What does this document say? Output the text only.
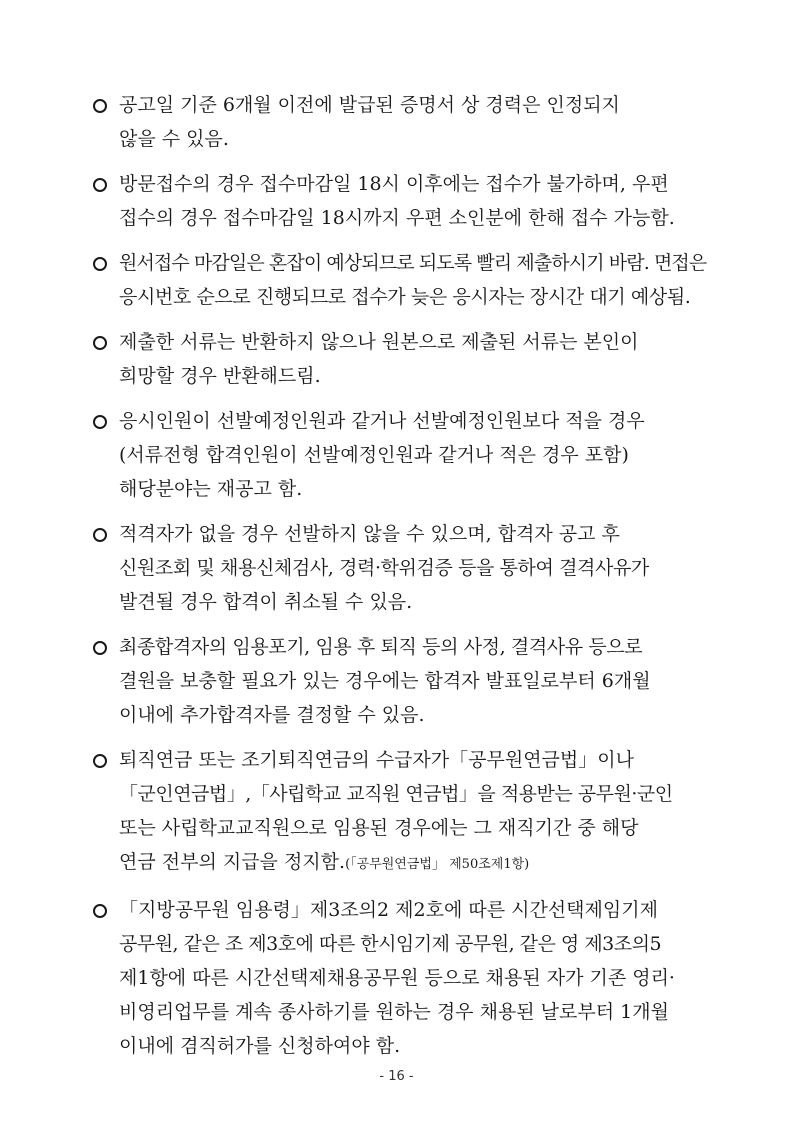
공고일 기준 6개월 이전에 발급된 증명서 상 경력은 인정되지
않을 수 있음.
방문접수의 경우 접수마감일 18시 이후에는 접수가 불가하며, 우편
접수의 경우 접수마감일 18시까지 우편 소인분에 한해 접수 가능함.
원서접수 마감일은 혼잡이 예상되므로 되도록 빨리 제출하시기 바람. 면접은
응시번호 순으로 진행되므로 접수가 늦은 응시자는 장시간 대기 예상됨.
제출한 서류는 반환하지 않으나 원본으로 제출된 서류는 본인이
희망할 경우 반환해드림.
응시인원이 선발예정인원과 같거나 선발예정인원보다 적을 경우
(서류전형 합격인원이 선발예정인원과 같거나 적은 경우 포함)
해당분야는 재공고 함.
적격자가 없을 경우 선발하지 않을 수 있으며, 합격자 공고 후
신원조회 및 채용신체검사, 경력·학위검증 등을 통하여 결격사유가
발견될 경우 합격이 취소될 수 있음.
최종합격자의 임용포기, 임용 후 퇴직 등의 사정, 결격사유 등으로
결원을 보충할 필요가 있는 경우에는 합격자 발표일로부터 6개월
이내에 추가합격자를 결정할 수 있음.
퇴직연금 또는 조기퇴직연금의 수급자가「공무원연금법」이나
「군인연금법」,「사립학교 교직원 연금법」을 적용받는 공무원·군인
또는 사립학교교직원으로 임용된 경우에는 그 재직기간 중 해당
연금 전부의 지급을 정지함.(「공무원연금법」 제50조제1항)
「지방공무원 임용령」제3조의2 제2호에 따른 시간선택제임기제
공무원, 같은 조 제3호에 따른 한시임기제 공무원, 같은 영 제3조의5
제1항에 따른 시간선택제채용공무원 등으로 채용된 자가 기존 영리·
비영리업무를 계속 종사하기를 원하는 경우 채용된 날로부터 1개월
이내에 겸직허가를 신청하여야 함.
- 16 -
